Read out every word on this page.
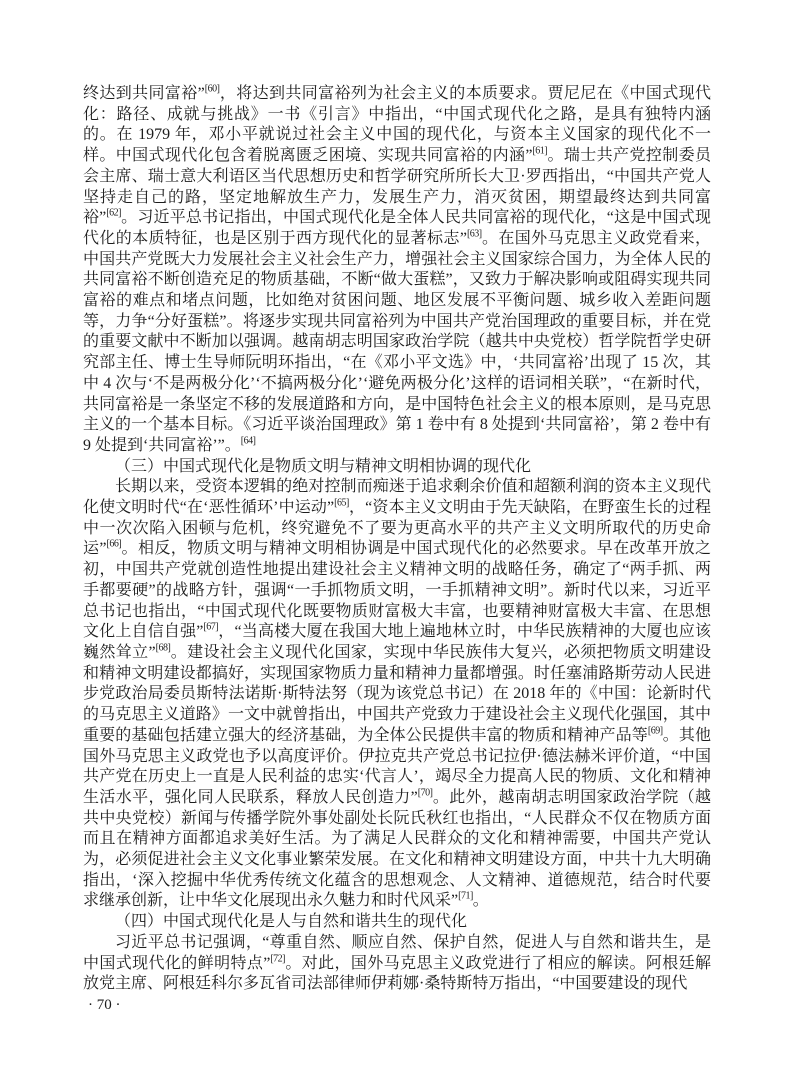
终达到共同富裕”[60]，将达到共同富裕列为社会主义的本质要求。贾尼尼在《中国式现代化：路径、成就与挑战》一书《引言》中指出，“中国式现代化之路，是具有独特内涵的。在 1979 年，邓小平就说过社会主义中国的现代化，与资本主义国家的现代化不一样。中国式现代化包含着脱离匮乏困境、实现共同富裕的内涵”[61]。瑞士共产党控制委员会主席、瑞士意大利语区当代思想历史和哲学研究所所长大卫·罗西指出，“中国共产党人坚持走自己的路，坚定地解放生产力，发展生产力，消灭贫困，期望最终达到共同富裕”[62]。习近平总书记指出，中国式现代化是全体人民共同富裕的现代化，“这是中国式现代化的本质特征，也是区别于西方现代化的显著标志”[63]。在国外马克思主义政党看来，中国共产党既大力发展社会主义社会生产力，增强社会主义国家综合国力，为全体人民的共同富裕不断创造充足的物质基础，不断“做大蛋糕”，又致力于解决影响或阻碍实现共同富裕的难点和堵点问题，比如绝对贫困问题、地区发展不平衡问题、城乡收入差距问题等，力争“分好蛋糕”。将逐步实现共同富裕列为中国共产党治国理政的重要目标，并在党的重要文献中不断加以强调。越南胡志明国家政治学院（越共中央党校）哲学院哲学史研究部主任、博士生导师阮明环指出，“在《邓小平文选》中，‘共同富裕’出现了 15 次，其中 4 次与‘不是两极分化’‘不搞两极分化’‘避免两极分化’这样的语词相关联”，“在新时代，共同富裕是一条坚定不移的发展道路和方向，是中国特色社会主义的根本原则，是马克思主义的一个基本目标。《习近平谈治国理政》第 1 卷中有 8 处提到‘共同富裕’，第 2 卷中有 9 处提到‘共同富裕’”。[64]

（三）中国式现代化是物质文明与精神文明相协调的现代化

长期以来，受资本逻辑的绝对控制而痴迷于追求剩余价值和超额利润的资本主义现代化使文明时代“在‘恶性循环’中运动”[65]，“资本主义文明由于先天缺陷，在野蛮生长的过程中一次次陷入困顿与危机，终究避免不了要为更高水平的共产主义文明所取代的历史命运”[66]。相反，物质文明与精神文明相协调是中国式现代化的必然要求。早在改革开放之初，中国共产党就创造性地提出建设社会主义精神文明的战略任务，确定了“两手抓、两手都要硬”的战略方针，强调“一手抓物质文明，一手抓精神文明”。新时代以来，习近平总书记也指出，“中国式现代化既要物质财富极大丰富，也要精神财富极大丰富、在思想文化上自信自强”[67]，“当高楼大厦在我国大地上遍地林立时，中华民族精神的大厦也应该巍然耸立”[68]。建设社会主义现代化国家，实现中华民族伟大复兴，必须把物质文明建设和精神文明建设都搞好，实现国家物质力量和精神力量都增强。时任塞浦路斯劳动人民进步党政治局委员斯特法诺斯·斯特法努（现为该党总书记）在 2018 年的《中国：论新时代的马克思主义道路》一文中就曾指出，中国共产党致力于建设社会主义现代化强国，其中重要的基础包括建立强大的经济基础，为全体公民提供丰富的物质和精神产品等[69]。其他国外马克思主义政党也予以高度评价。伊拉克共产党总书记拉伊·德法赫米评价道，“中国共产党在历史上一直是人民利益的忠实‘代言人’，竭尽全力提高人民的物质、文化和精神生活水平，强化同人民联系，释放人民创造力”[70]。此外，越南胡志明国家政治学院（越共中央党校）新闻与传播学院外事处副处长阮氏秋红也指出，“人民群众不仅在物质方面而且在精神方面都追求美好生活。为了满足人民群众的文化和精神需要，中国共产党认为，必须促进社会主义文化事业繁荣发展。在文化和精神文明建设方面，中共十九大明确指出，‘深入挖掘中华优秀传统文化蕴含的思想观念、人文精神、道德规范，结合时代要求继承创新，让中华文化展现出永久魅力和时代风采”[71]。

（四）中国式现代化是人与自然和谐共生的现代化

习近平总书记强调，“尊重自然、顺应自然、保护自然，促进人与自然和谐共生，是中国式现代化的鲜明特点”[72]。对此，国外马克思主义政党进行了相应的解读。阿根廷解放党主席、阿根廷科尔多瓦省司法部律师伊莉娜·桑特斯特万指出，“中国要建设的现代

· 70 ·
